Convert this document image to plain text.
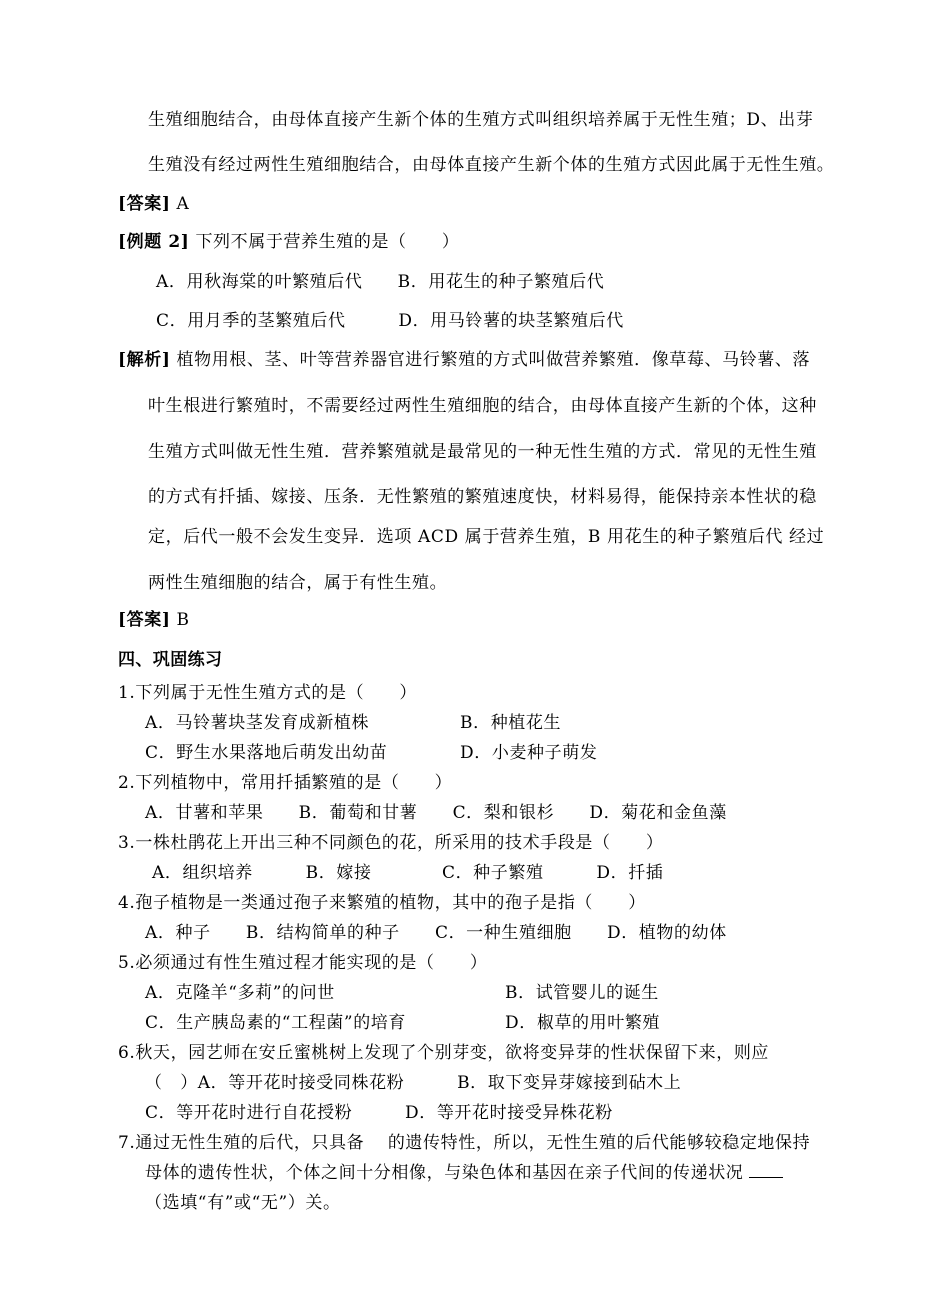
生殖细胞结合，由母体直接产生新个体的生殖方式叫组织培养属于无性生殖；D、出芽
生殖没有经过两性生殖细胞结合，由母体直接产生新个体的生殖方式因此属于无性生殖。
[答案] A
[例题 2] 下列不属于营养生殖的是（　　）
A．用秋海棠的叶繁殖后代　　B．用花生的种子繁殖后代
C．用月季的茎繁殖后代　　　D．用马铃薯的块茎繁殖后代
[解析] 植物用根、茎、叶等营养器官进行繁殖的方式叫做营养繁殖．像草莓、马铃薯、落
叶生根进行繁殖时，不需要经过两性生殖细胞的结合，由母体直接产生新的个体，这种
生殖方式叫做无性生殖．营养繁殖就是最常见的一种无性生殖的方式．常见的无性生殖
的方式有扦插、嫁接、压条．无性繁殖的繁殖速度快，材料易得，能保持亲本性状的稳
定，后代一般不会发生变异．选项 ACD 属于营养生殖，B 用花生的种子繁殖后代 经过
两性生殖细胞的结合，属于有性生殖。
[答案] B
四、巩固练习
1.下列属于无性生殖方式的是（　　）
A．马铃薯块茎发育成新植株	B．种植花生
C．野生水果落地后萌发出幼苗	D．小麦种子萌发
2.下列植物中，常用扦插繁殖的是（　　）
A．甘薯和苹果　　B．葡萄和甘薯　　C．梨和银杉　　D．菊花和金鱼藻
3.一株杜鹃花上开出三种不同颜色的花，所采用的技术手段是（　　）
A．组织培养　　　B．嫁接　　　　C．种子繁殖　　　D．扦插
4.孢子植物是一类通过孢子来繁殖的植物，其中的孢子是指（　　）
A．种子　　B．结构简单的种子　　C．一种生殖细胞　　D．植物的幼体
5.必须通过有性生殖过程才能实现的是（　　）
A．克隆羊“多莉”的问世	B．试管婴儿的诞生
C．生产胰岛素的“工程菌”的培育	D．椒草的用叶繁殖
6.秋天，园艺师在安丘蜜桃树上发现了个别芽变，欲将变异芽的性状保留下来，则应
（　）A．等开花时接受同株花粉　　　B．取下变异芽嫁接到砧木上
C．等开花时进行自花授粉　　　D．等开花时接受异株花粉
7.通过无性生殖的后代，只具备　 的遗传特性，所以，无性生殖的后代能够较稳定地保持
母体的遗传性状，个体之间十分相像，与染色体和基因在亲子代间的传递状况
（选填“有”或“无”）关。
